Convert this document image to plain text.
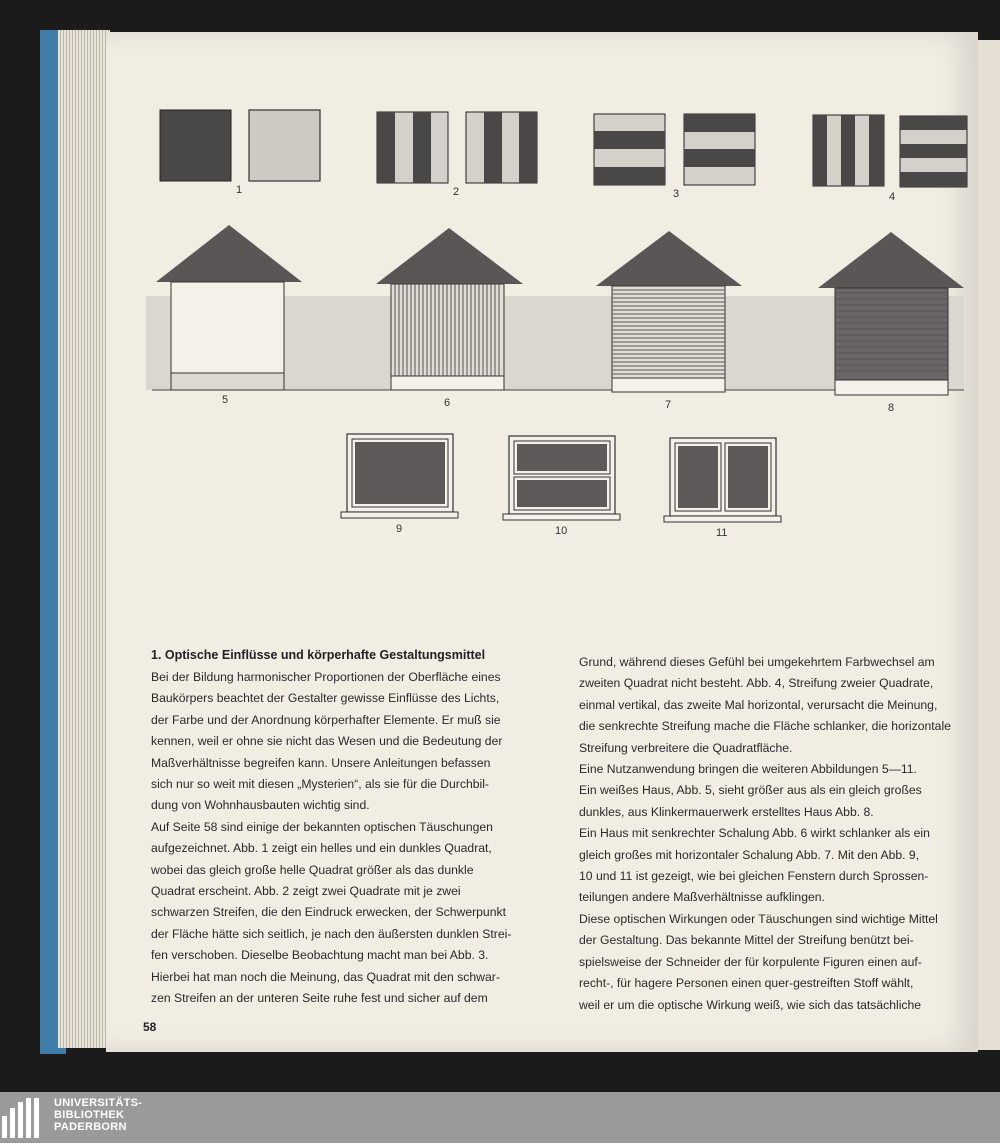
1	2	3	4
5	6	7	8
9	10	11
1. Optische Einflüsse und körperhafte Gestaltungsmittel

Bei der Bildung harmonischer Proportionen der Oberfläche eines

Baukörpers beachtet der Gestalter gewisse Einflüsse des Lichts,

der Farbe und der Anordnung körperhafter Elemente. Er muß sie

kennen, weil er ohne sie nicht das Wesen und die Bedeutung der

Maßverhältnisse begreifen kann. Unsere Anleitungen befassen

sich nur so weit mit diesen „Mysterien“, als sie für die Durchbil-

dung von Wohnhausbauten wichtig sind.

Auf Seite 58 sind einige der bekannten optischen Täuschungen

aufgezeichnet. Abb. 1 zeigt ein helles und ein dunkles Quadrat,

wobei das gleich große helle Quadrat größer als das dunkle

Quadrat erscheint. Abb. 2 zeigt zwei Quadrate mit je zwei

schwarzen Streifen, die den Eindruck erwecken, der Schwerpunkt

der Fläche hätte sich seitlich, je nach den äußersten dunklen Strei-

fen verschoben. Dieselbe Beobachtung macht man bei Abb. 3.

Hierbei hat man noch die Meinung, das Quadrat mit den schwar-

zen Streifen an der unteren Seite ruhe fest und sicher auf dem

Grund, während dieses Gefühl bei umgekehrtem Farbwechsel am

zweiten Quadrat nicht besteht. Abb. 4, Streifung zweier Quadrate,

einmal vertikal, das zweite Mal horizontal, verursacht die Meinung,

die senkrechte Streifung mache die Fläche schlanker, die horizontale

Streifung verbreitere die Quadratfläche.

Eine Nutzanwendung bringen die weiteren Abbildungen 5—11.

Ein weißes Haus, Abb. 5, sieht größer aus als ein gleich großes

dunkles, aus Klinkermauerwerk erstelltes Haus Abb. 8.

Ein Haus mit senkrechter Schalung Abb. 6 wirkt schlanker als ein

gleich großes mit horizontaler Schalung Abb. 7. Mit den Abb. 9,

10 und 11 ist gezeigt, wie bei gleichen Fenstern durch Sprossen-

teilungen andere Maßverhältnisse aufklingen.

Diese optischen Wirkungen oder Täuschungen sind wichtige Mittel

der Gestaltung. Das bekannte Mittel der Streifung benützt bei-

spielsweise der Schneider der für korpulente Figuren einen auf-

recht-, für hagere Personen einen quer-gestreiften Stoff wählt,

weil er um die optische Wirkung weiß, wie sich das tatsächliche

58
UNIVERSITÄTS-
BIBLIOTHEK
PADERBORN
